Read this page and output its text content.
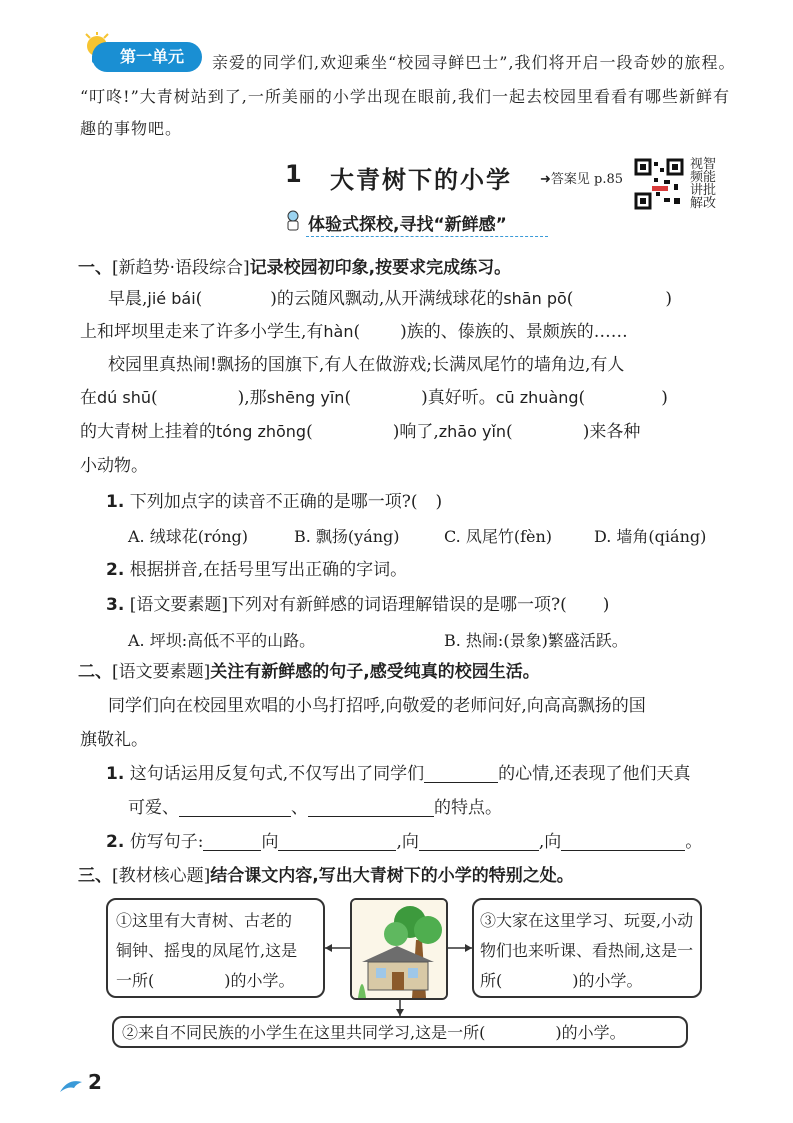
第一单元	亲爱的同学们,欢迎乘坐“校园寻鲜巴士”,我们将开启一段奇妙的旅程。
“叮咚!”大青树站到了,一所美丽的小学出现在眼前,我们一起去校园里看看有哪些新鲜有
趣的事物吧。
1 大青树下的小学 ➜答案见 p.85
视智
频能
讲批
解改
体验式探校,寻找“新鲜感”
一、[新趋势·语段综合]记录校园初印象,按要求完成练习。
早晨,jié bái(	)的云随风飘动,从开满绒球花的shān pō(	)
上和坪坝里走来了许多小学生,有hàn( )族的、傣族的、景颇族的……
校园里真热闹!飘扬的国旗下,有人在做游戏;长满凤尾竹的墙角边,有人
在dú shū(	),那shēng yīn(	)真好听。cū zhuàng(	)
的大青树上挂着的tóng zhōng(	)响了,zhāo yǐn(	)来各种
小动物。
1. 下列加点字的读音不正确的是哪一项?( )
A. 绒球花(róng)	B. 飘扬(yáng)	C. 凤尾竹(fèn)	D. 墙角(qiáng)
2. 根据拼音,在括号里写出正确的字词。
3. [语文要素题]下列对有新鲜感的词语理解错误的是哪一项?( )
A. 坪坝:高低不平的山路。	B. 热闹:(景象)繁盛活跃。
二、[语文要素题]关注有新鲜感的句子,感受纯真的校园生活。
同学们向在校园里欢唱的小鸟打招呼,向敬爱的老师问好,向高高飘扬的国
旗敬礼。
1. 这句话运用反复句式,不仅写出了同学们	的心情,还表现了他们天真
可爱、	、	的特点。
2. 仿写句子:	向	,向	,向	。
三、[教材核心题]结合课文内容,写出大青树下的小学的特别之处。
①这里有大青树、古老的
铜钟、摇曳的凤尾竹,这是
一所(	)的小学。
③大家在这里学习、玩耍,小动
物们也来听课、看热闹,这是一
所(	)的小学。
②来自不同民族的小学生在这里共同学习,这是一所(	)的小学。
2
